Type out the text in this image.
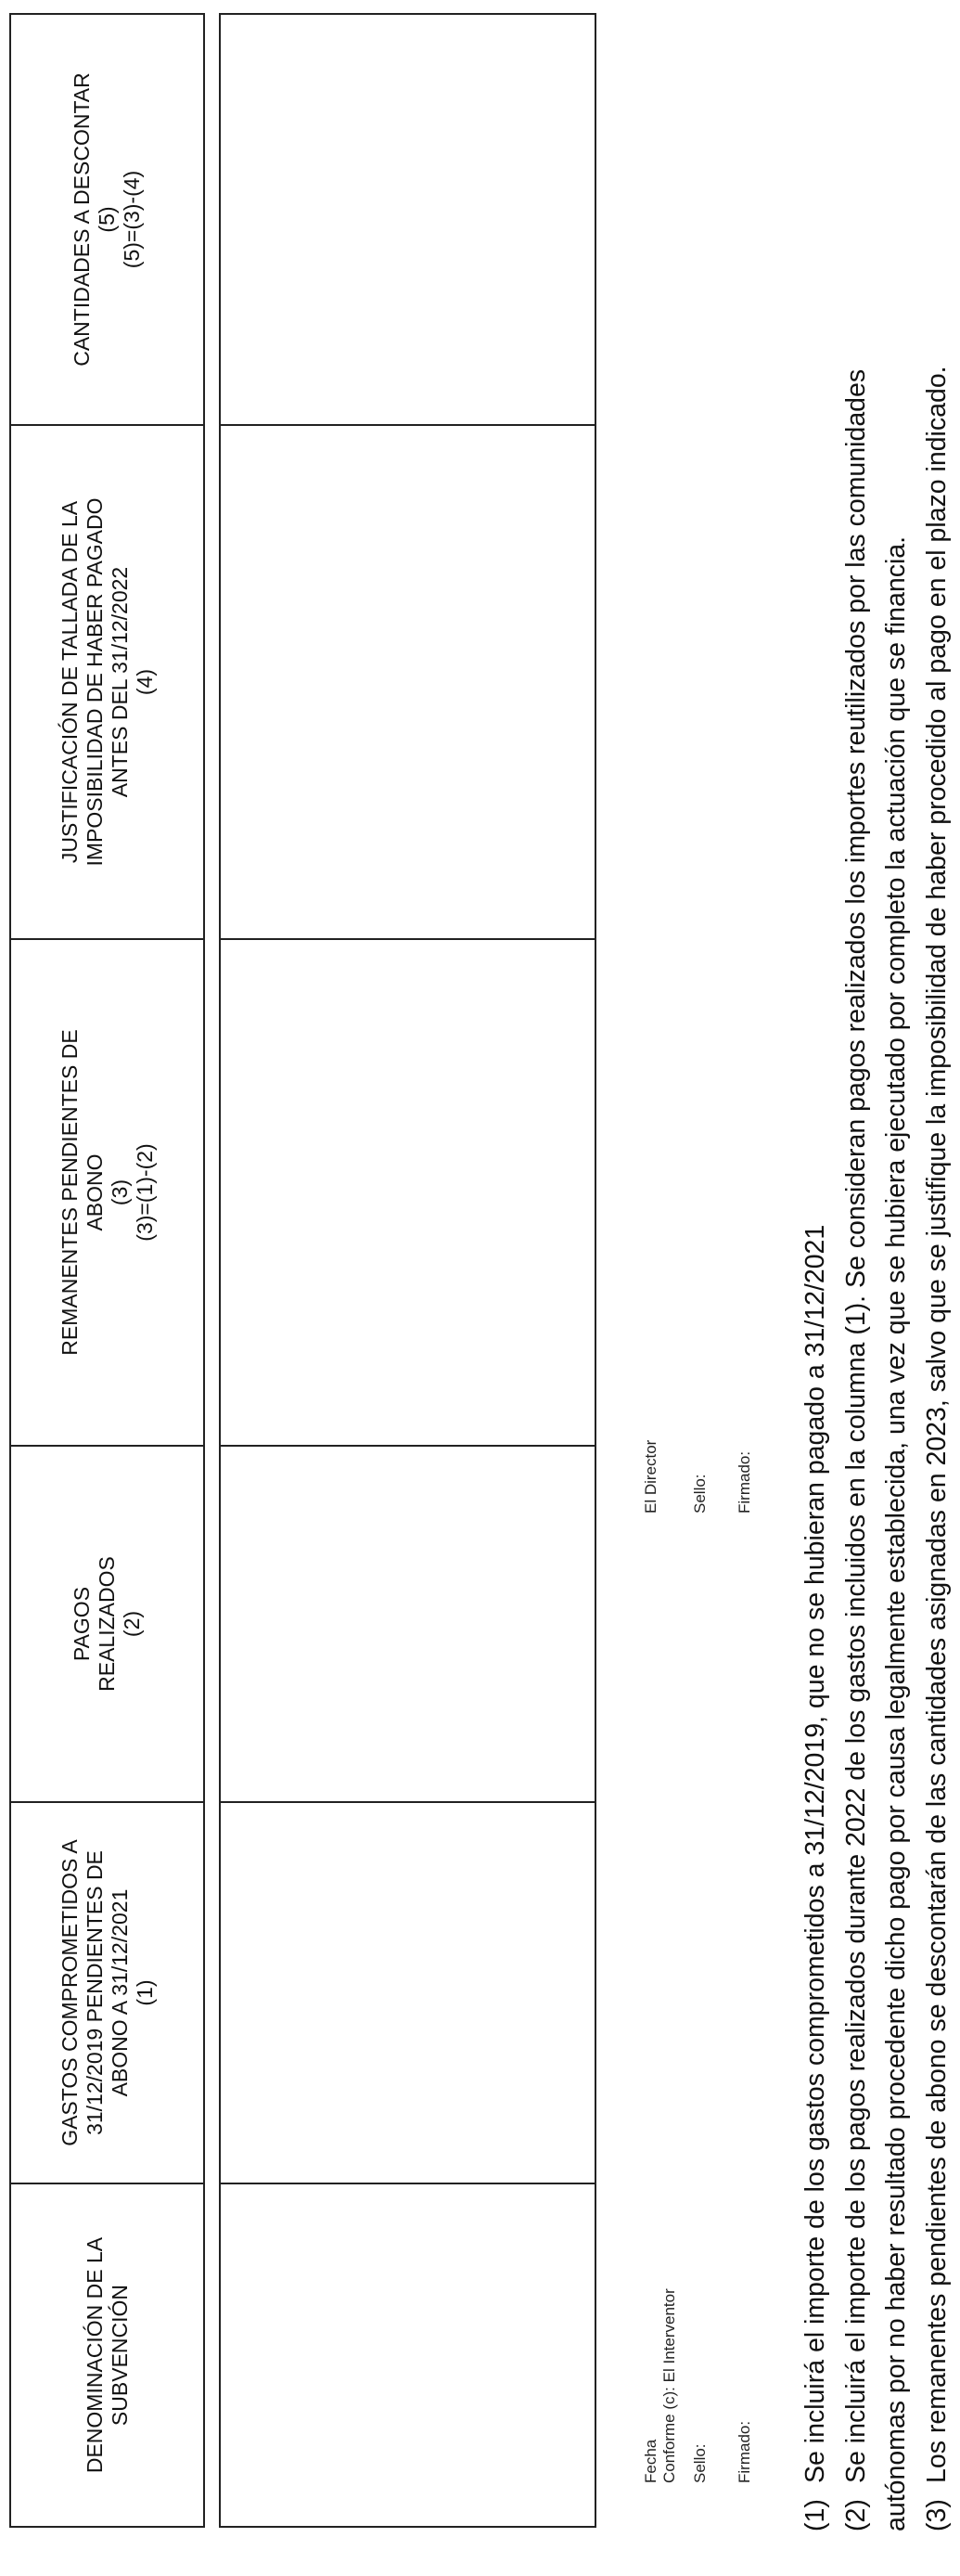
DENOMINACIÓN DE LA
SUBVENCIÓN
GASTOS COMPROMETIDOS A
31/12/2019 PENDIENTES DE
ABONO A 31/12/2021
(1)
PAGOS
REALIZADOS
(2)
REMANENTES PENDIENTES DE
ABONO
(3)
(3)=(1)-(2)
JUSTIFICACIÓN DE TALLADA DE LA
IMPOSIBILIDAD DE HABER PAGADO
ANTES DEL 31/12/2022
(4)
CANTIDADES A DESCONTAR
(5)
(5)=(3)-(4)
Fecha Conforme (c): El Interventor Sello: Firmado:
El Director Sello: Firmado:
(1)
Se incluirá el importe de los gastos comprometidos a 31/12/2019, que no se hubieran pagado a 31/12/2021
(2)
Se incluirá el importe de los pagos realizados durante 2022 de los gastos incluidos en la columna (1). Se consideran pagos realizados los importes reutilizados por las comunidades autónomas por no haber resultado procedente dicho pago por causa legalmente establecida, una vez que se hubiera ejecutado por completo la actuación que se financia. (3)
Los remanentes pendientes de abono se descontarán de las cantidades asignadas en 2023, salvo que se justifique la imposibilidad de haber procedido al pago en el plazo indicado.
